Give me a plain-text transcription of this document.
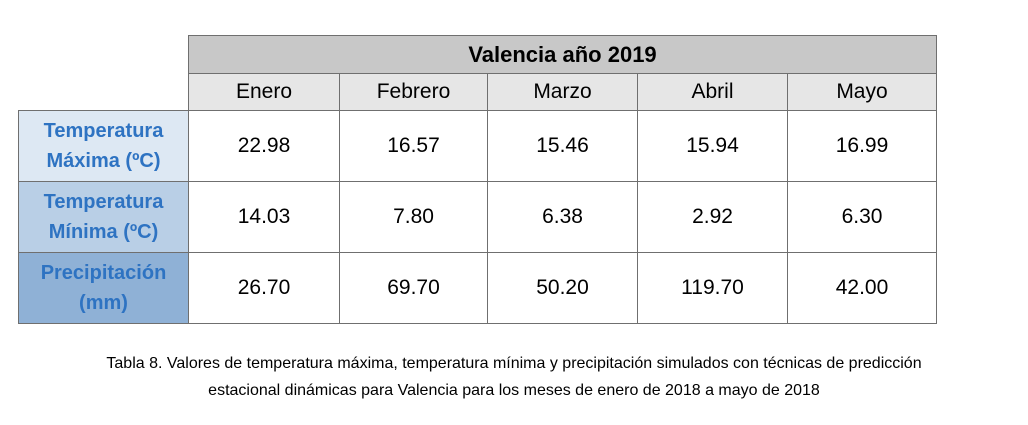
	Valencia año 2019				
	Enero	Febrero	Marzo	Abril	Mayo
Temperatura
Máxima (ºC)	22.98	16.57	15.46	15.94	16.99
Temperatura
Mínima (ºC)	14.03	7.80	6.38	2.92	6.30
Precipitación
(mm)	26.70	69.70	50.20	119.70	42.00

Tabla 8. Valores de temperatura máxima, temperatura mínima y precipitación simulados con técnicas de predicción
estacional dinámicas para Valencia para los meses de enero de 2018 a mayo de 2018
